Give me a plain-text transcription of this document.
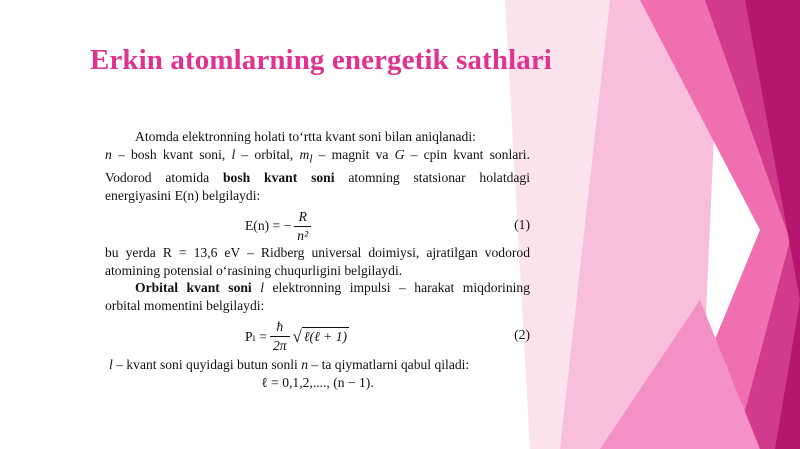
Erkin atomlarning energetik sathlari
Atomda elektronning holati to‘rtta kvant soni bilan aniqlanadi:
n – bosh kvant soni, l – orbital, $m_l$ – magnit va G – cpin kvant sonlari.
Vodorod atomida bosh kvant soni atomning statsionar holatdagi
energiyasini E(n) belgilaydi:
E(n) = − $\frac{R}{\text{n²}}$	(1)
bu yerda R = 13,6 eV – Ridberg universal doimiysi, ajratilgan vodorod
atomining potensial o‘rasining chuqurligini belgilaydi.
Orbital kvant soni l elektronning impulsi – harakat miqdorining
orbital momentini belgilaydi:
$P_l = \frac{ħ}{2\pi}$ √ ℓ(ℓ + 1)	(2)
l – kvant soni quyidagi butun sonli n – ta qiymatlarni qabul qiladi:
ℓ = 0,1,2,...., (n − 1).
